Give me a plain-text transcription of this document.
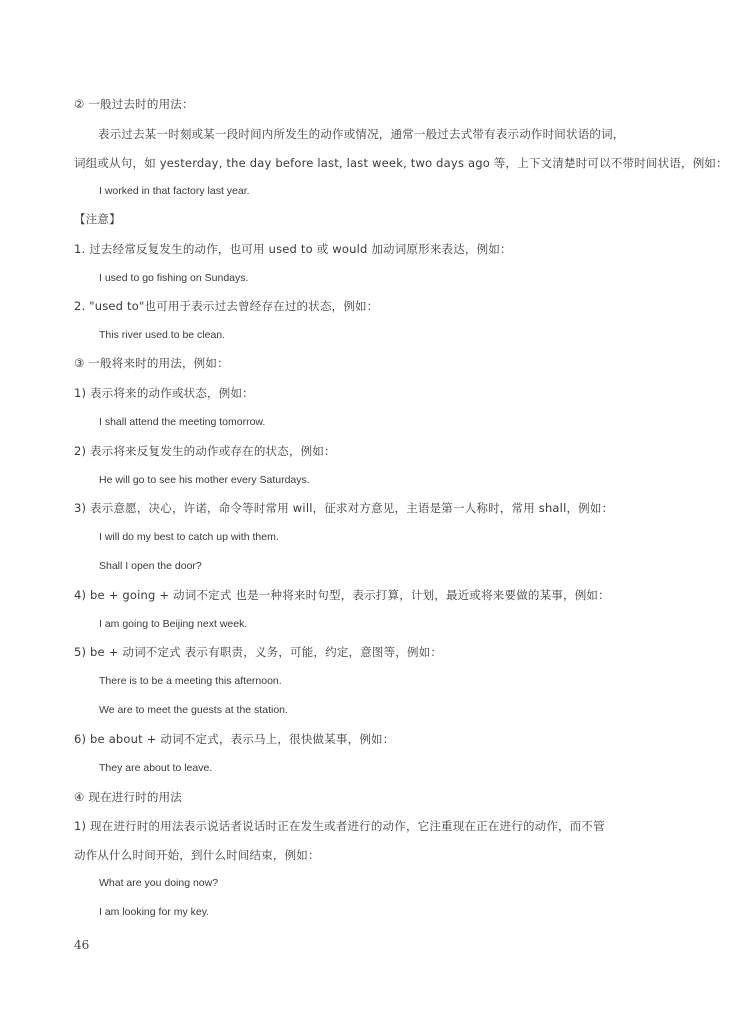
② 一般过去时的用法：
表示过去某一时刻或某一段时间内所发生的动作或情况，通常一般过去式带有表示动作时间状语的词，
词组或从句，如 yesterday, the day before last, last week, two days ago 等，上下文清楚时可以不带时间状语，例如：
I worked in that factory last year.
【注意】
1. 过去经常反复发生的动作，也可用 used to 或 would 加动词原形来表达，例如：
I used to go fishing on Sundays.
2. "used to"也可用于表示过去曾经存在过的状态，例如：
This river used to be clean.
③ 一般将来时的用法，例如：
1) 表示将来的动作或状态，例如：
I shall attend the meeting tomorrow.
2) 表示将来反复发生的动作或存在的状态，例如：
He will go to see his mother every Saturdays.
3) 表示意愿，决心，许诺，命令等时常用 will，征求对方意见，主语是第一人称时，常用 shall，例如：
I will do my best to catch up with them.
Shall I open the door?
4) be + going + 动词不定式 也是一种将来时句型，表示打算，计划，最近或将来要做的某事，例如：
I am going to Beijing next week.
5) be + 动词不定式 表示有职责，义务，可能，约定，意图等，例如：
There is to be a meeting this afternoon.
We are to meet the guests at the station.
6) be about + 动词不定式，表示马上，很快做某事，例如：
They are about to leave.
④ 现在进行时的用法
1) 现在进行时的用法表示说话者说话时正在发生或者进行的动作，它注重现在正在进行的动作，而不管
动作从什么时间开始，到什么时间结束，例如：
What are you doing now?
I am looking for my key.
46
